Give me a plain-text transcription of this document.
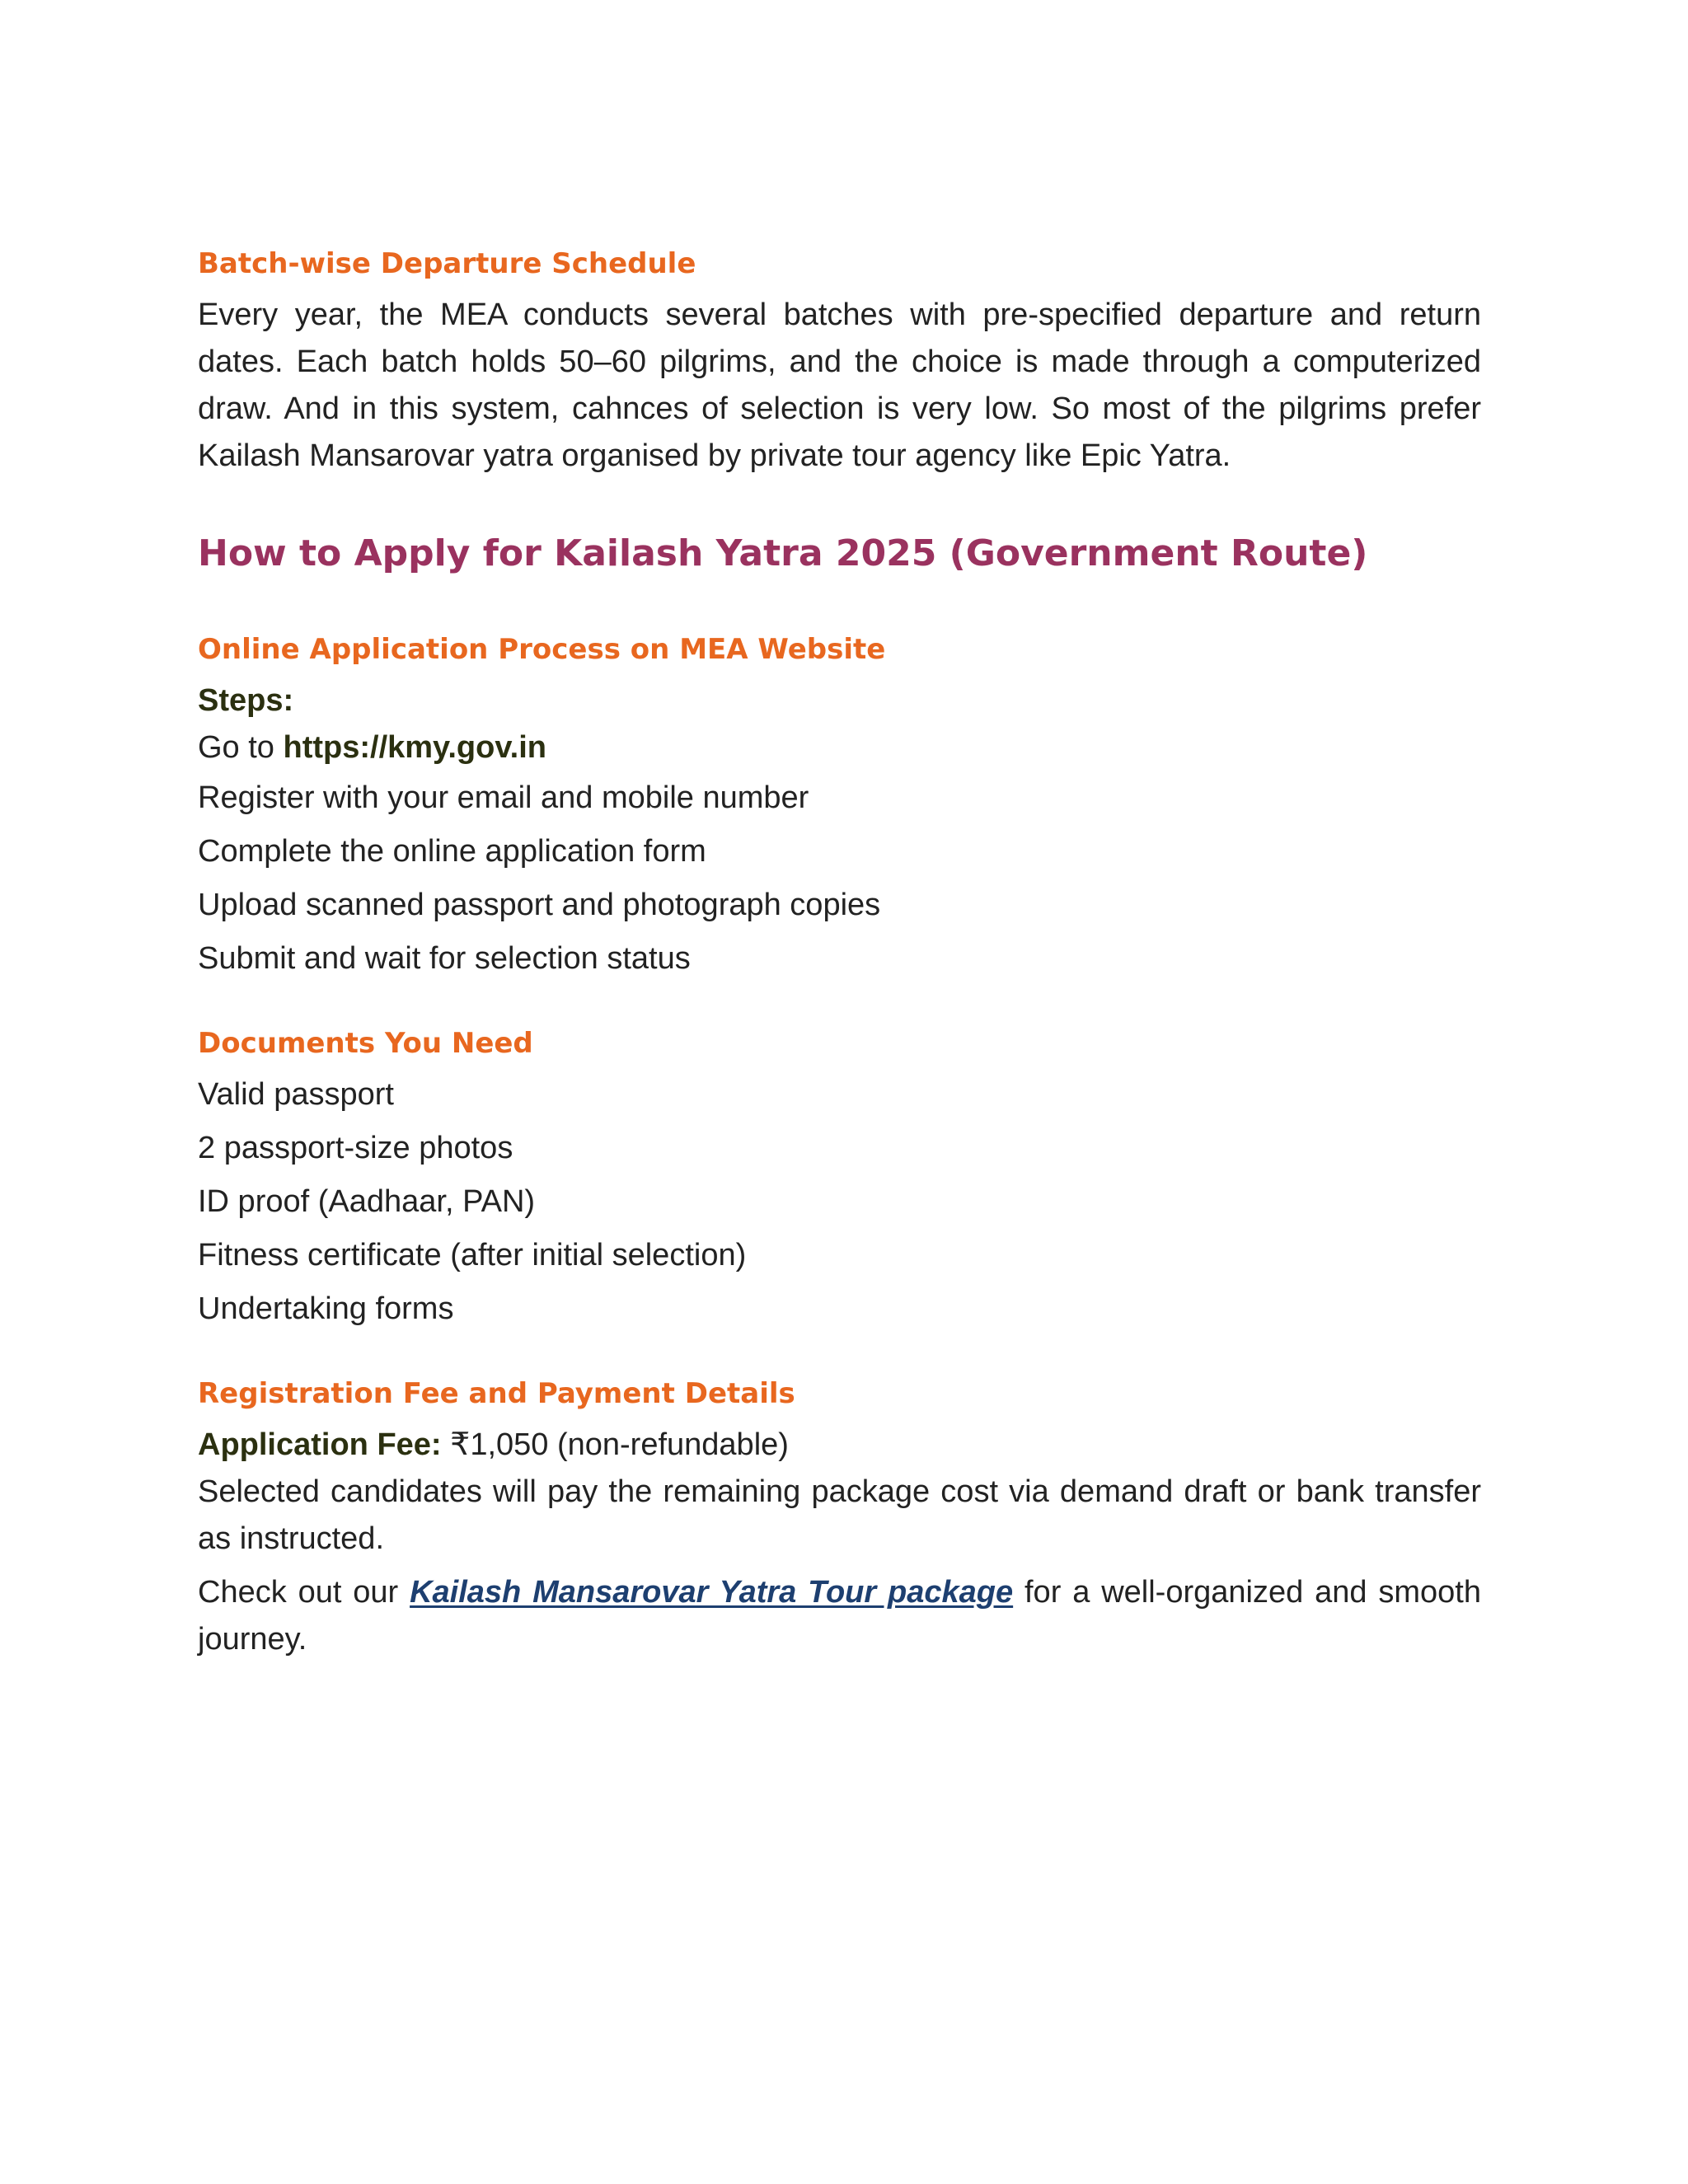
Batch-wise Departure Schedule

Every year, the MEA conducts several batches with pre-specified departure and return dates. Each batch holds 50–60 pilgrims, and the choice is made through a computerized draw. And in this system, cahnces of selection is very low. So most of the pilgrims prefer Kailash Mansarovar yatra organised by private tour agency like Epic Yatra.

How to Apply for Kailash Yatra 2025 (Government Route)
Online Application Process on MEA Website

Steps:

Go to https://kmy.gov.in

Register with your email and mobile number

Complete the online application form

Upload scanned passport and photograph copies

Submit and wait for selection status

Documents You Need

Valid passport

2 passport-size photos

ID proof (Aadhaar, PAN)

Fitness certificate (after initial selection)

Undertaking forms

Registration Fee and Payment Details

Application Fee: ₹1,050 (non-refundable)

Selected candidates will pay the remaining package cost via demand draft or bank transfer as instructed.

Check out our Kailash Mansarovar Yatra Tour package for a well-organized and smooth journey.
